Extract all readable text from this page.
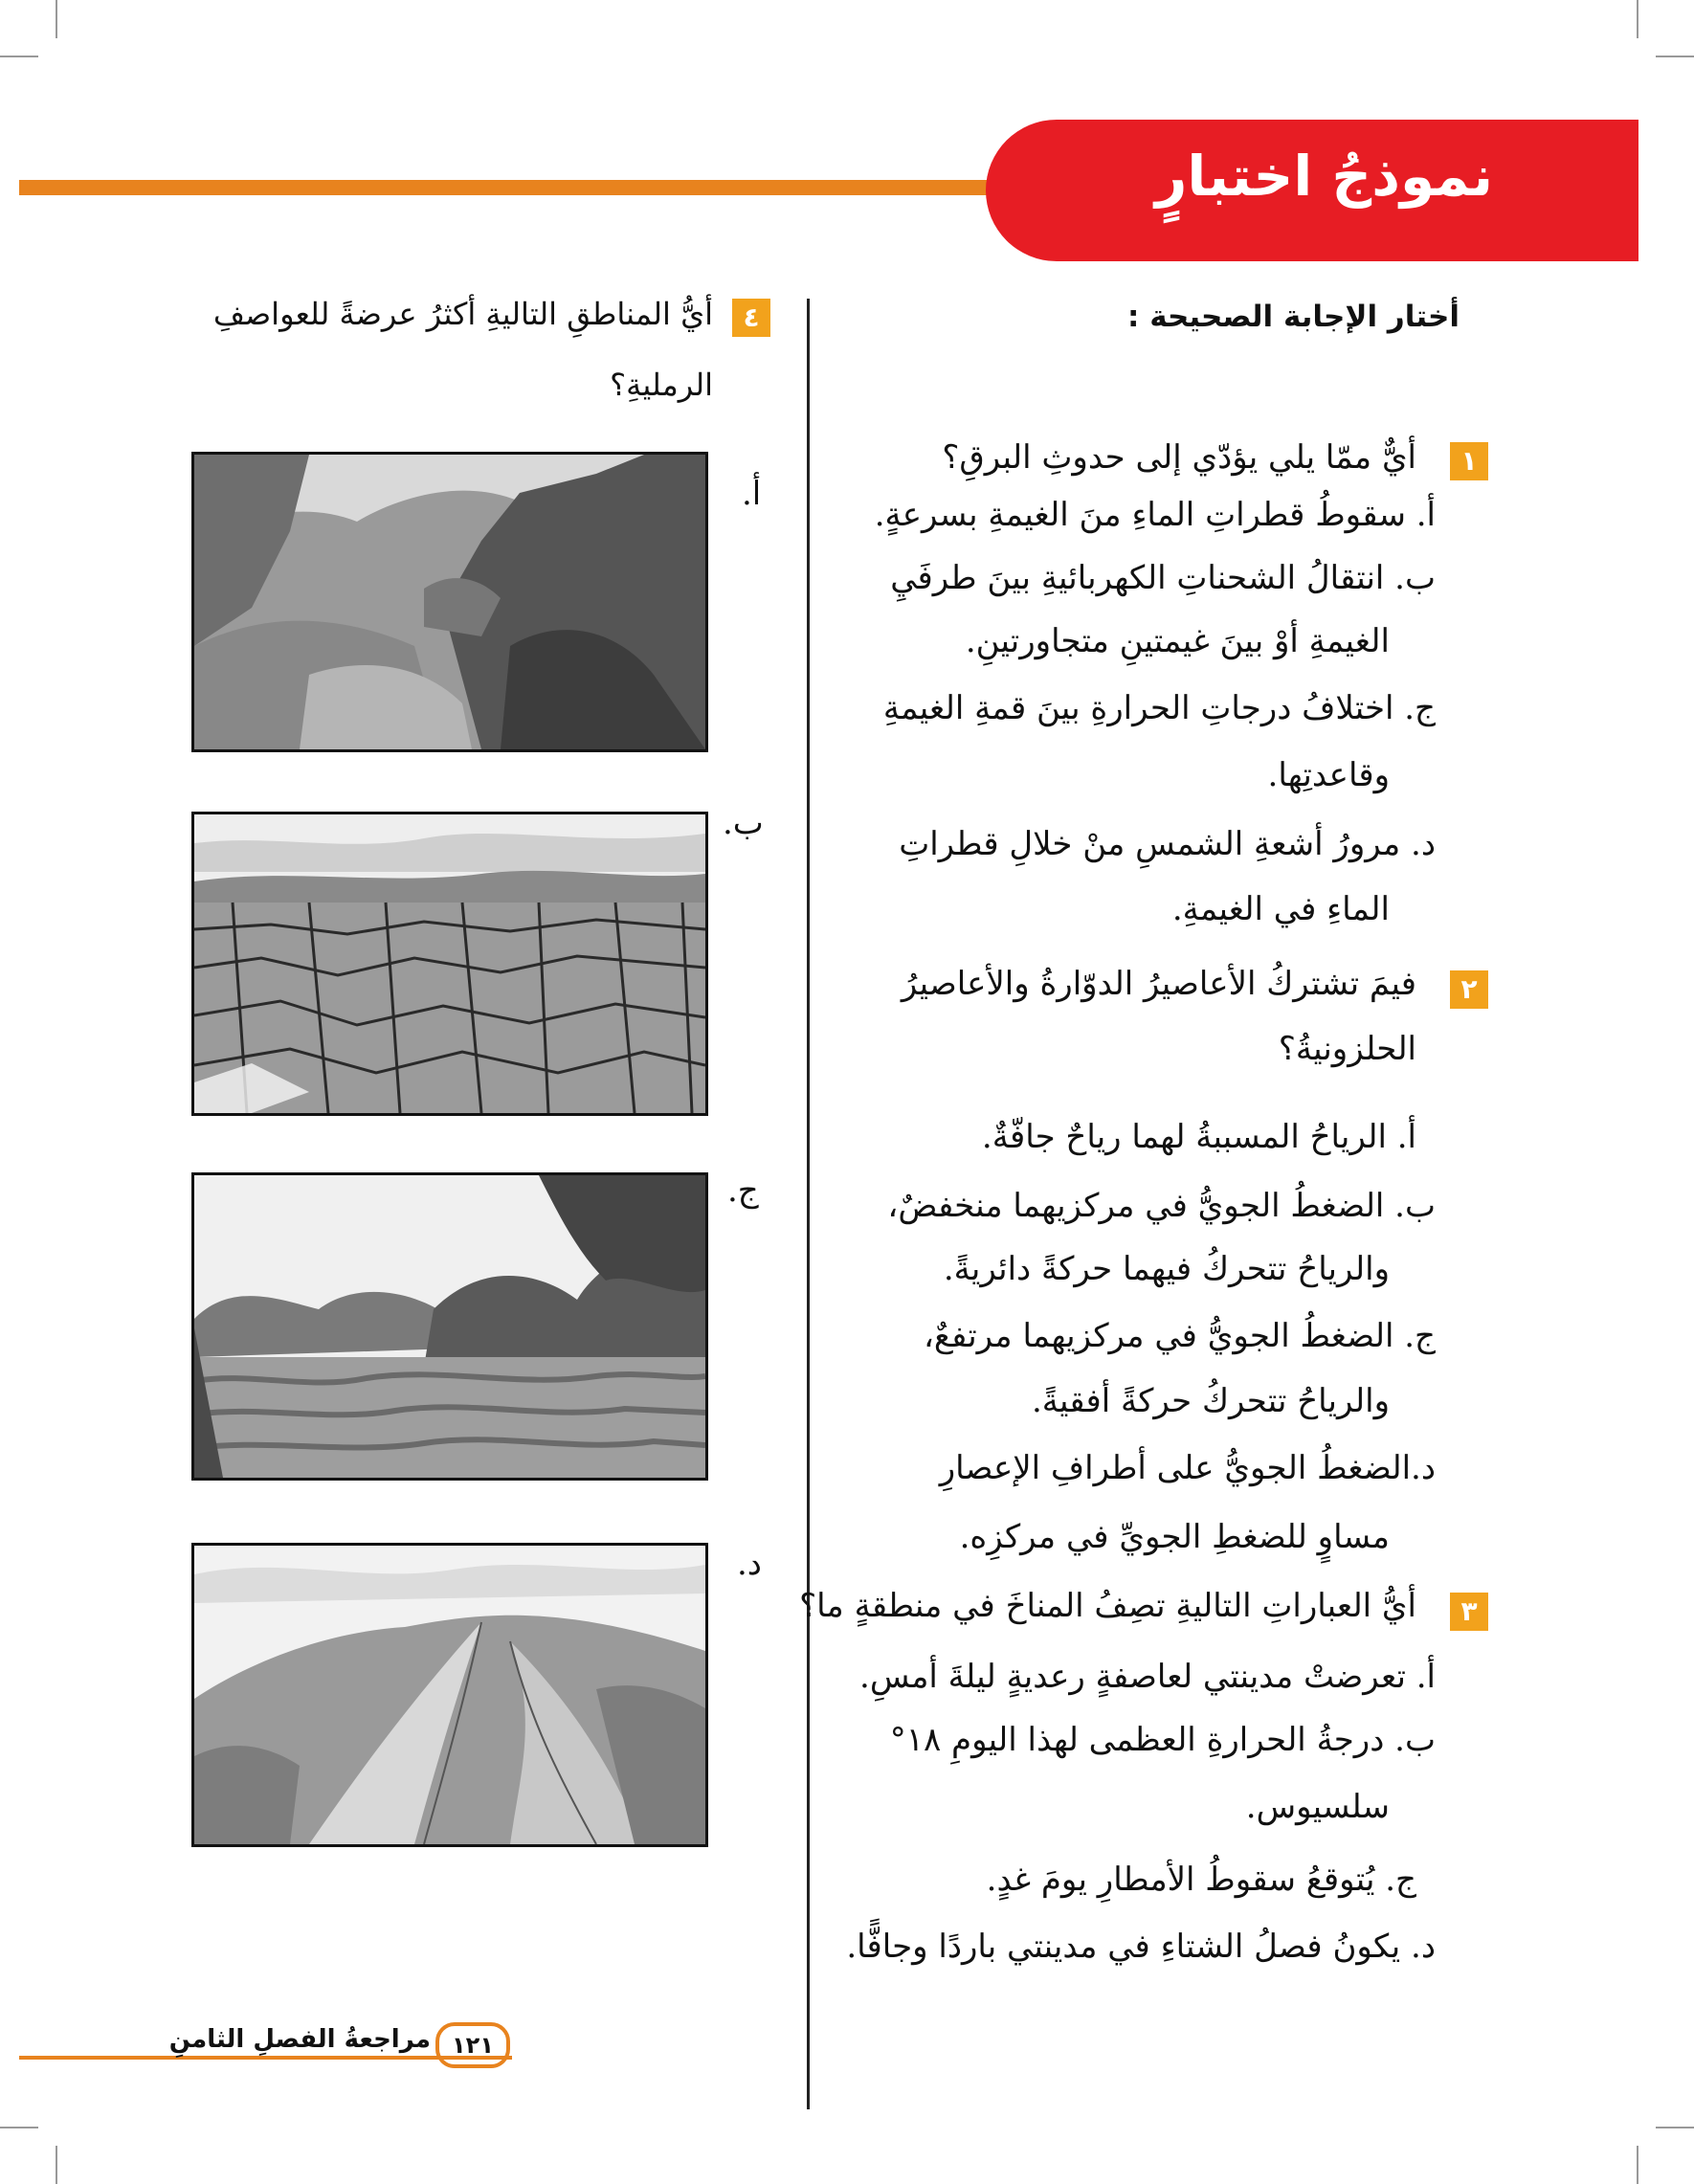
نموذجُ اختبارٍ
أختار الإجابة الصحيحة :
١
أيٌّ ممّا يلي يؤدّي إلى حدوثِ البرقِ؟
أ. سقوطُ قطراتِ الماءِ منَ الغيمةِ بسرعةٍ.
ب. انتقالُ الشحناتِ الكهربائيةِ بينَ طرفَيِ
الغيمةِ أوْ بينَ غيمتينِ متجاورتينِ.
ج. اختلافُ درجاتِ الحرارةِ بينَ قمةِ الغيمةِ
وقاعدتِها.
د. مرورُ أشعةِ الشمسِ منْ خلالِ قطراتِ
الماءِ في الغيمةِ.
٢
فيمَ تشتركُ الأعاصيرُ الدوّارةُ والأعاصيرُ
الحلزونيةُ؟
أ. الرياحُ المسببةُ لهما رياحٌ جافّةٌ.
ب. الضغطُ الجويُّ في مركزيهما منخفضٌ،
والرياحُ تتحركُ فيهما حركةً دائريةً.
ج. الضغطُ الجويُّ في مركزيهما مرتفعٌ،
والرياحُ تتحركُ حركةً أفقيةً.
د.الضغطُ الجويُّ على أطرافِ الإعصارِ
مساوٍ للضغطِ الجويِّ في مركزِه.
٣
أيُّ العباراتِ التاليةِ تصِفُ المناخَ في منطقةٍ ما؟
أ. تعرضتْ مدينتي لعاصفةٍ رعديةٍ ليلةَ أمسِ.
ب. درجةُ الحرارةِ العظمى لهذا اليومِ ١٨°
سلسيوس.
ج. يُتوقعُ سقوطُ الأمطارِ يومَ غدٍ.
د. يكونُ فصلُ الشتاءِ في مدينتي باردًا وجافًّا.
٤
أيُّ المناطقِ التاليةِ أكثرُ عرضةً للعواصفِ
الرمليةِ؟
أ.
ب.
ج.
د.
١٢١
مراجعةُ الفصلِ الثامنِ
